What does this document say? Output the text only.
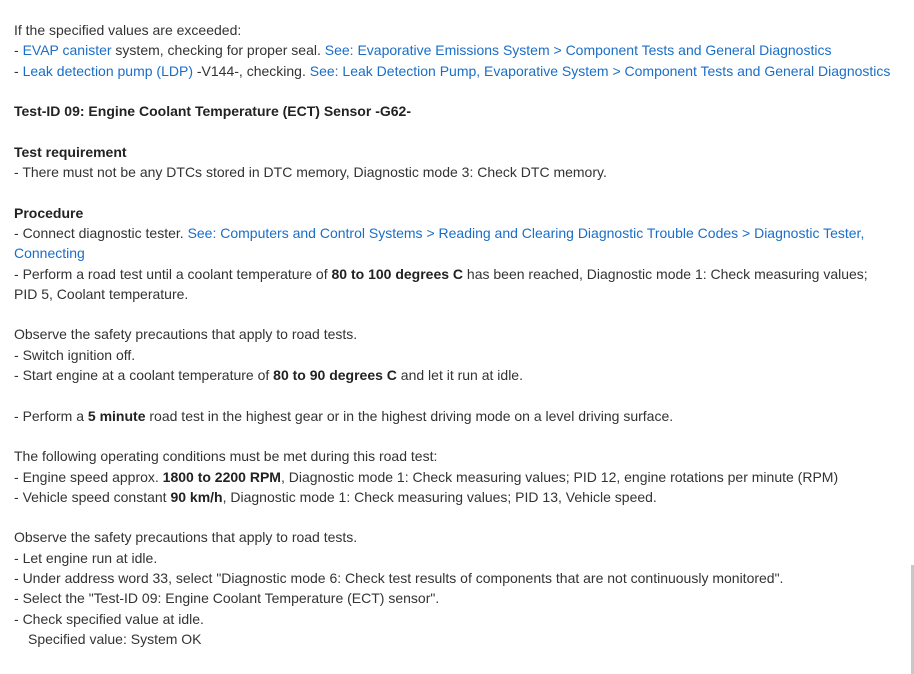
If the specified values are exceeded:
- EVAP canister system, checking for proper seal. See: Evaporative Emissions System > Component Tests and General Diagnostics
- Leak detection pump (LDP) -V144-, checking. See: Leak Detection Pump, Evaporative System > Component Tests and General Diagnostics
Test-ID 09: Engine Coolant Temperature (ECT) Sensor -G62-
Test requirement
- There must not be any DTCs stored in DTC memory, Diagnostic mode 3: Check DTC memory.
Procedure
- Connect diagnostic tester. See: Computers and Control Systems > Reading and Clearing Diagnostic Trouble Codes > Diagnostic Tester,
Connecting
- Perform a road test until a coolant temperature of 80 to 100 degrees C has been reached, Diagnostic mode 1: Check measuring values;
PID 5, Coolant temperature.
Observe the safety precautions that apply to road tests.
- Switch ignition off.
- Start engine at a coolant temperature of 80 to 90 degrees C and let it run at idle.
- Perform a 5 minute road test in the highest gear or in the highest driving mode on a level driving surface.
The following operating conditions must be met during this road test:
- Engine speed approx. 1800 to 2200 RPM, Diagnostic mode 1: Check measuring values; PID 12, engine rotations per minute (RPM)
- Vehicle speed constant 90 km/h, Diagnostic mode 1: Check measuring values; PID 13, Vehicle speed.
Observe the safety precautions that apply to road tests.
- Let engine run at idle.
- Under address word 33, select "Diagnostic mode 6: Check test results of components that are not continuously monitored".
- Select the "Test-ID 09: Engine Coolant Temperature (ECT) sensor".
- Check specified value at idle.
Specified value: System OK
